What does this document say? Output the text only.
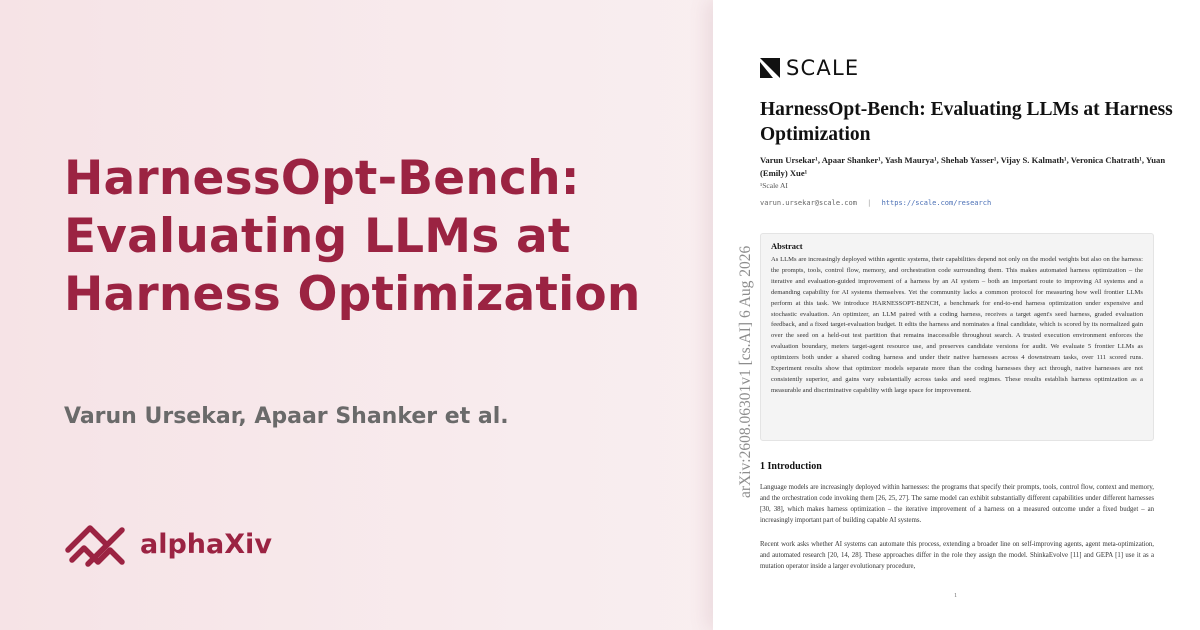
HarnessOpt-Bench: Evaluating LLMs at Harness Optimization
Varun Ursekar, Apaar Shanker et al.
alphaXiv
SCALE
HarnessOpt-Bench: Evaluating LLMs at Harness Optimization
Varun Ursekar¹, Apaar Shanker¹, Yash Maurya¹, Shehab Yasser¹, Vijay S. Kalmath¹, Veronica Chatrath¹, Yuan (Emily) Xue¹
¹Scale AI
varun.ursekar@scale.com | https://scale.com/research
Abstract

As LLMs are increasingly deployed within agentic systems, their capabilities depend not only on the model weights but also on the harness: the prompts, tools, control flow, memory, and orchestration code surrounding them. This makes automated harness optimization – the iterative and evaluation-guided improvement of a harness by an AI system – both an important route to improving AI systems and a demanding capability for AI systems themselves. Yet the community lacks a common protocol for measuring how well frontier LLMs perform at this task. We introduce HARNESSOPT-BENCH, a benchmark for end-to-end harness optimization under expensive and stochastic evaluation. An optimizer, an LLM paired with a coding harness, receives a target agent's seed harness, graded evaluation feedback, and a fixed target-evaluation budget. It edits the harness and nominates a final candidate, which is scored by its normalized gain over the seed on a held-out test partition that remains inaccessible throughout search. A trusted execution environment enforces the evaluation boundary, meters target-agent resource use, and preserves candidate versions for audit. We evaluate 5 frontier LLMs as optimizers both under a shared coding harness and under their native harnesses across 4 downstream tasks, over 111 scored runs. Experiment results show that optimizer models separate more than the coding harnesses they act through, native harnesses are not consistently superior, and gains vary substantially across tasks and seed regimes. These results establish harness optimization as a measurable and discriminative capability with large space for improvement.

1 Introduction

Language models are increasingly deployed within harnesses: the programs that specify their prompts, tools, control flow, context and memory, and the orchestration code invoking them [26, 25, 27]. The same model can exhibit substantially different capabilities under different harnesses [30, 38], which makes harness optimization – the iterative improvement of a harness on a measured outcome under a fixed budget – an increasingly important part of building capable AI systems.

Recent work asks whether AI systems can automate this process, extending a broader line on self-improving agents, agent meta-optimization, and automated research [20, 14, 28]. These approaches differ in the role they assign the model. ShinkaEvolve [11] and GEPA [1] use it as a mutation operator inside a larger evolutionary procedure,

1
arXiv:2608.06301v1 [cs.AI] 6 Aug 2026
